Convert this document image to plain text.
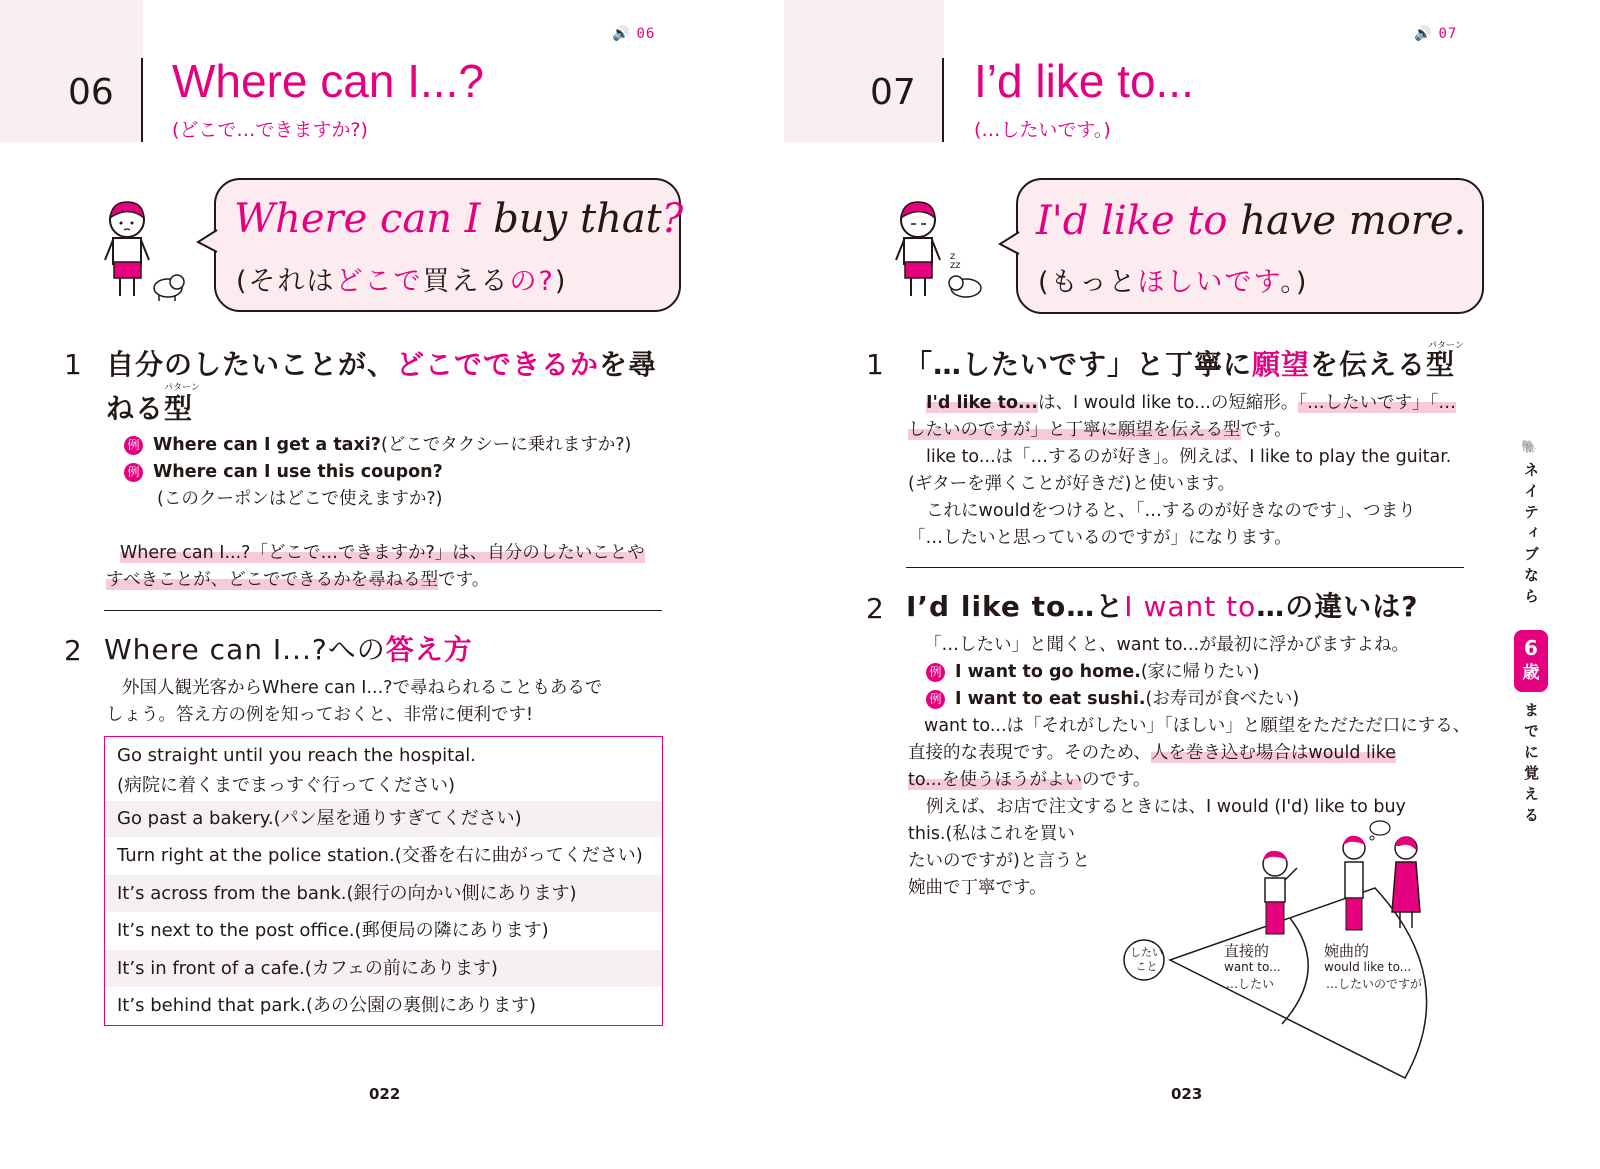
🔊 06
06 Where can I...?
(どこで…できますか?)
Where can I buy that?
(それはどこで買えるの?)
1 自分のしたいことが、どこでできるかを尋
パターン
ねる型
例 Where can I get a taxi?(どこでタクシーに乗れますか?)
例 Where can I use this coupon?
(このクーポンはどこで使えますか?)
Where can I...?「どこで…できますか?」は、自分のしたいことや
すべきことが、どこでできるかを尋ねる型です。
2 Where can I...?への答え方
外国人観光客からWhere can I...?で尋ねられることもあるで
しょう。答え方の例を知っておくと、非常に便利です!
Go straight until you reach the hospital.
(病院に着くまでまっすぐ行ってください)
Go past a bakery.(パン屋を通りすぎてください)
Turn right at the police station.(交番を右に曲がってください)
It’s across from the bank.(銀行の向かい側にあります)
It’s next to the post office.(郵便局の隣にあります)
It’s in front of a cafe.(カフェの前にあります)
It’s behind that park.(あの公園の裏側にあります)
022
🔊 07
07 I’d like to...
(…したいです。)
z
zz
I'd like to have more.
(もっとほしいです。)
1
パターン
「…したいです」と丁寧に願望を伝える型
I'd like to...は、I would like to...の短縮形。「…したいです」「…
したいのですが」と丁寧に願望を伝える型です。
like to...は「…するのが好き」。例えば、I like to play the guitar.
(ギターを弾くことが好きだ)と使います。
これにwouldをつけると、「…するのが好きなのです」、つまり
「…したいと思っているのですが」になります。
2 I’d like to…とI want to…の違いは?
「…したい」と聞くと、want to...が最初に浮かびますよね。
例 I want to go home.(家に帰りたい)
例 I want to eat sushi.(お寿司が食べたい)
want to...は「それがしたい」「ほしい」と願望をただただ口にする、
直接的な表現です。そのため、人を巻き込む場合はwould like
to...を使うほうがよいのです。
例えば、お店で注文するときには、I would (I'd) like to buy
this.(私はこれを買い
たいのですが)と言うと
婉曲で丁寧です。
したい
こと
直接的
want to...
…したい
婉曲的
would like to...
…したいのですが
023
🐘
ネイティブなら
6
歳
までに覚える
